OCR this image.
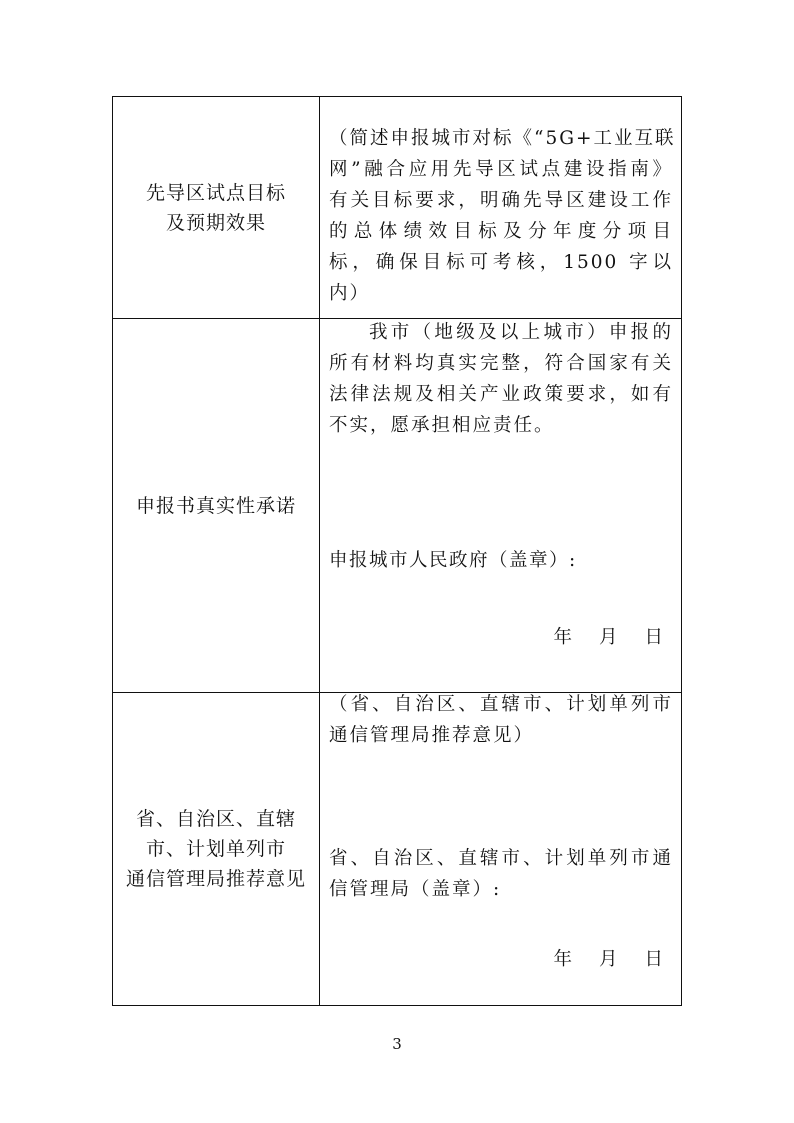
先导区试点目标
及预期效果
（简述申报城市对标《“5G+工业互联
网”融合应用先导区试点建设指南》
有关目标要求，明确先导区建设工作
的总体绩效目标及分年度分项目
标，确保目标可考核，1500 字以
内）
申报书真实性承诺
我市（地级及以上城市）申报的
所有材料均真实完整，符合国家有关
法律法规及相关产业政策要求，如有
不实，愿承担相应责任。
申报城市人民政府（盖章）:
年 月 日
省、自治区、直辖
市、计划单列市
通信管理局推荐意见
（省、自治区、直辖市、计划单列市
通信管理局推荐意见）
省、自治区、直辖市、计划单列市通
信管理局（盖章）:
年 月 日
3
